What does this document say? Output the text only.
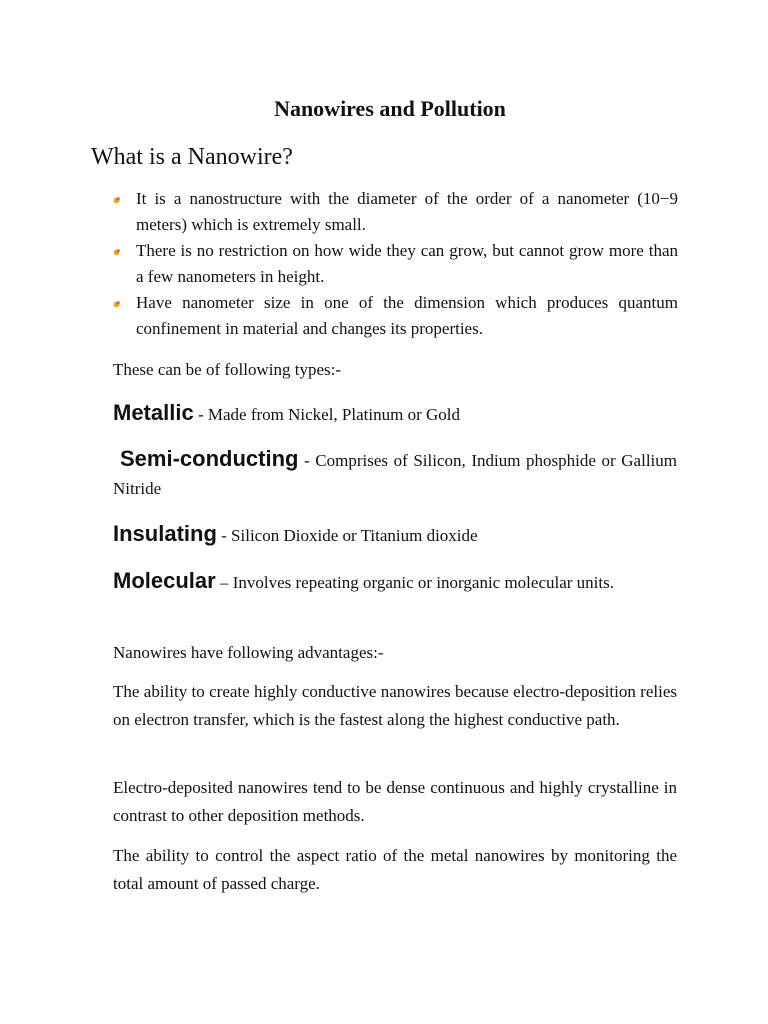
Nanowires and Pollution
What is a Nanowire?
It is a nanostructure with the diameter of the order of a nanometer (10−9 meters) which is extremely small.
There is no restriction on how wide they can grow, but cannot grow more than a few nanometers in height.
Have nanometer size in one of the dimension which produces quantum confinement in material and changes its properties.

These can be of following types:-

Metallic - Made from Nickel, Platinum or Gold

Semi-conducting - Comprises of Silicon, Indium phosphide or Gallium Nitride

Insulating - Silicon Dioxide or Titanium dioxide

Molecular – Involves repeating organic or inorganic molecular units.

Nanowires have following advantages:-

The ability to create highly conductive nanowires because electro-deposition relies on electron transfer, which is the fastest along the highest conductive path.

Electro-deposited nanowires tend to be dense continuous and highly crystalline in contrast to other deposition methods.

The ability to control the aspect ratio of the metal nanowires by monitoring the total amount of passed charge.
